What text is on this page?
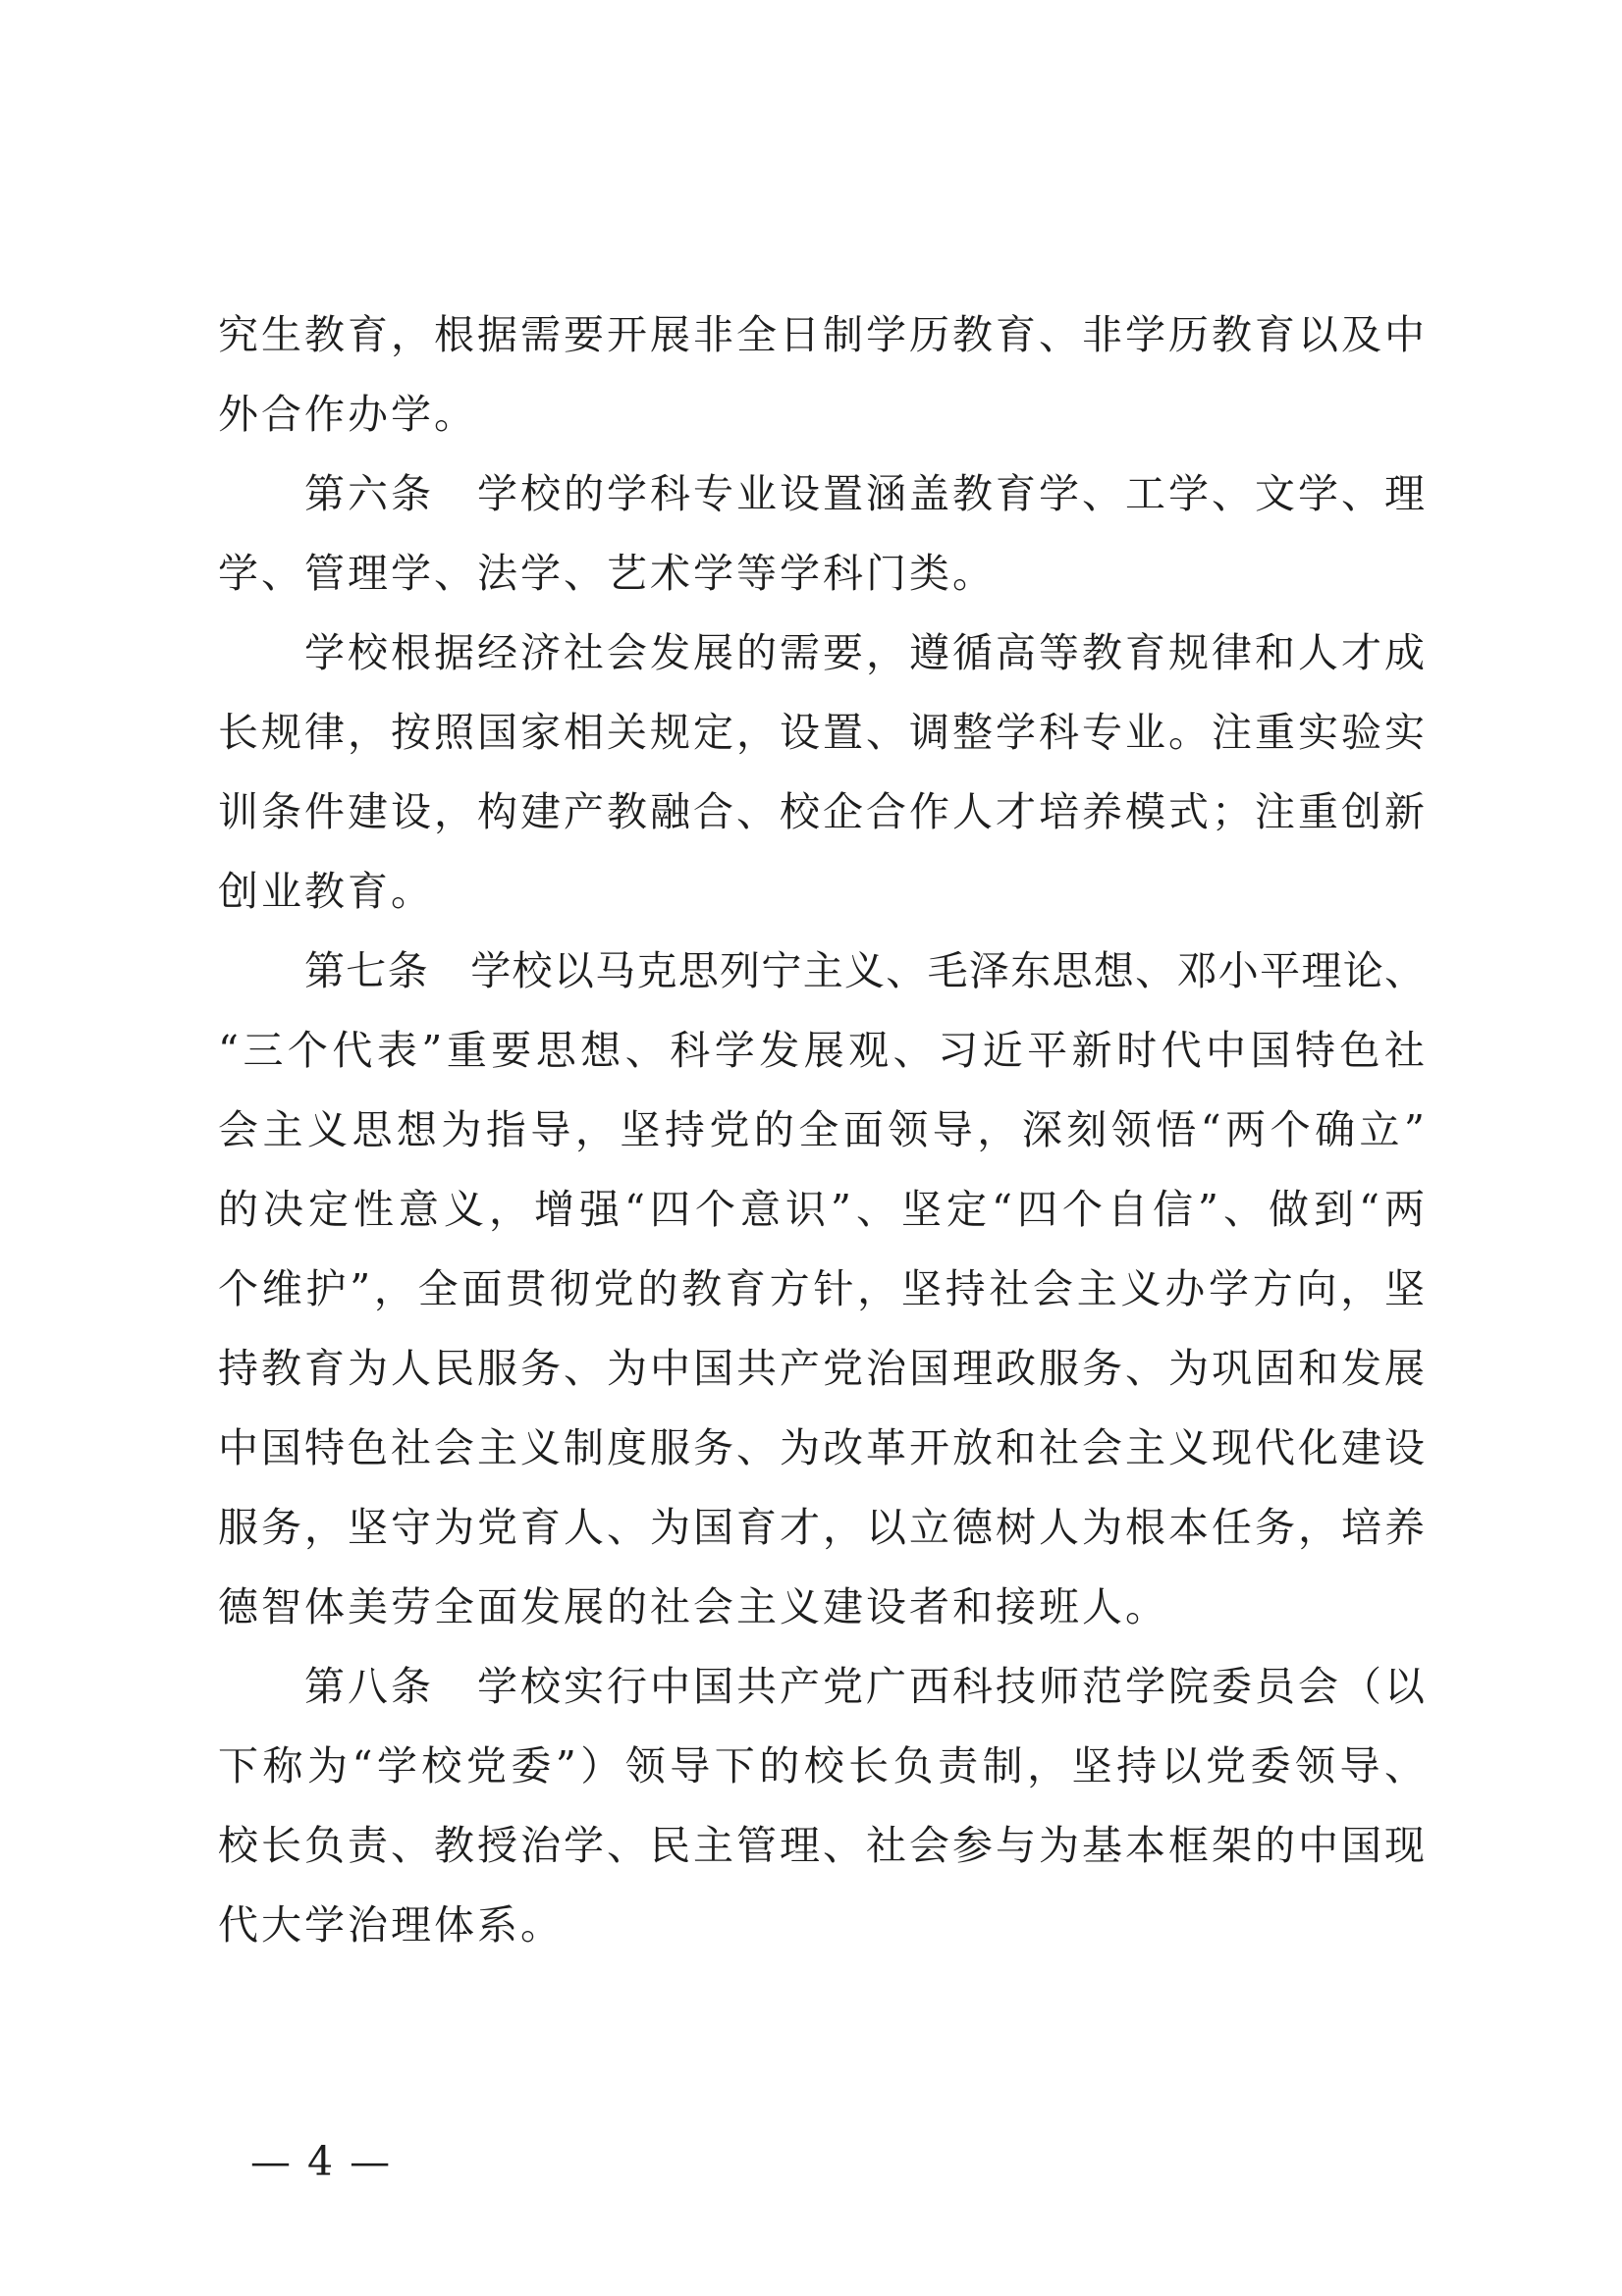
究生教育，根据需要开展非全日制学历教育、非学历教育以及中
外合作办学。
第六条　学校的学科专业设置涵盖教育学、工学、文学、理
学、管理学、法学、艺术学等学科门类。
学校根据经济社会发展的需要，遵循高等教育规律和人才成
长规律，按照国家相关规定，设置、调整学科专业。注重实验实
训条件建设，构建产教融合、校企合作人才培养模式；注重创新
创业教育。
第七条　学校以马克思列宁主义、毛泽东思想、邓小平理论、
“三个代表”重要思想、科学发展观、习近平新时代中国特色社
会主义思想为指导，坚持党的全面领导，深刻领悟“两个确立”
的决定性意义，增强“四个意识”、坚定“四个自信”、做到“两
个维护”，全面贯彻党的教育方针，坚持社会主义办学方向，坚
持教育为人民服务、为中国共产党治国理政服务、为巩固和发展
中国特色社会主义制度服务、为改革开放和社会主义现代化建设
服务，坚守为党育人、为国育才，以立德树人为根本任务，培养
德智体美劳全面发展的社会主义建设者和接班人。
第八条　学校实行中国共产党广西科技师范学院委员会（以
下称为“学校党委”）领导下的校长负责制，坚持以党委领导、
校长负责、教授治学、民主管理、社会参与为基本框架的中国现
代大学治理体系。
— 4 —
